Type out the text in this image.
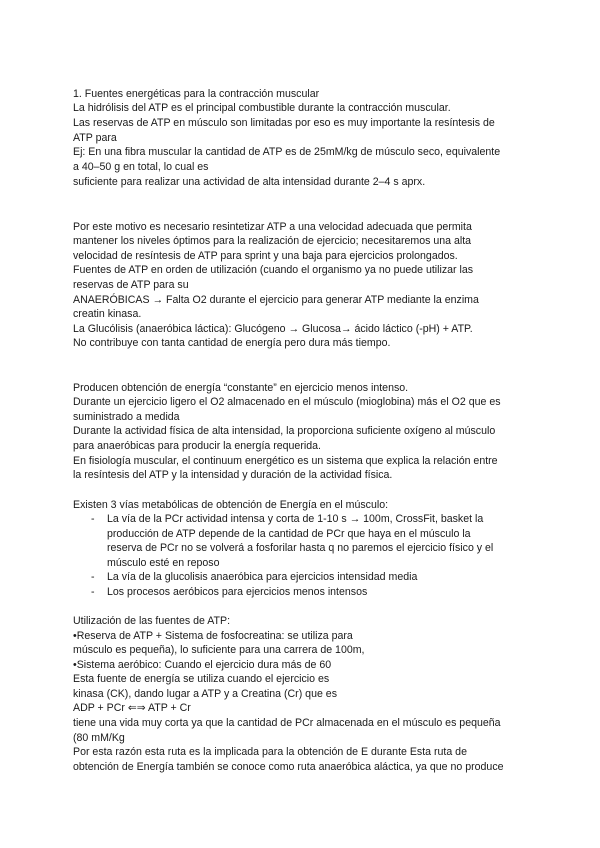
1. Fuentes energéticas para la contracción muscular
La hidrólisis del ATP es el principal combustible durante la contracción muscular.
Las reservas de ATP en músculo son limitadas por eso es muy importante la resíntesis de
ATP para
Ej: En una fibra muscular la cantidad de ATP es de 25mM/kg de músculo seco, equivalente
a 40–50 g en total, lo cual es
suficiente para realizar una actividad de alta intensidad durante 2–4 s aprx.
Por este motivo es necesario resintetizar ATP a una velocidad adecuada que permita
mantener los niveles óptimos para la realización de ejercicio; necesitaremos una alta
velocidad de resíntesis de ATP para sprint y una baja para ejercicios prolongados.
Fuentes de ATP en orden de utilización (cuando el organismo ya no puede utilizar las
reservas de ATP para su
ANAERÓBICAS → Falta O2 durante el ejercicio para generar ATP mediante la enzima
creatin kinasa.
La Glucólisis (anaeróbica láctica): Glucógeno → Glucosa→ ácido láctico (-pH) + ATP.
No contribuye con tanta cantidad de energía pero dura más tiempo.
Producen obtención de energía “constante” en ejercicio menos intenso.
Durante un ejercicio ligero el O2 almacenado en el músculo (mioglobina) más el O2 que es
suministrado a medida
Durante la actividad física de alta intensidad, la proporciona suficiente oxígeno al músculo
para anaeróbicas para producir la energía requerida.
En fisiología muscular, el continuum energético es un sistema que explica la relación entre
la resíntesis del ATP y la intensidad y duración de la actividad física.
Existen 3 vías metabólicas de obtención de Energía en el músculo:
- La vía de la PCr actividad intensa y corta de 1-10 s → 100m, CrossFit, basket la
producción de ATP depende de la cantidad de PCr que haya en el músculo la
reserva de PCr no se volverá a fosforilar hasta q no paremos el ejercicio físico y el
músculo esté en reposo
- La vía de la glucolisis anaeróbica para ejercicios intensidad media
- Los procesos aeróbicos para ejercicios menos intensos
Utilización de las fuentes de ATP:
•Reserva de ATP + Sistema de fosfocreatina: se utiliza para
músculo es pequeña), lo suficiente para una carrera de 100m,
•Sistema aeróbico: Cuando el ejercicio dura más de 60
Esta fuente de energía se utiliza cuando el ejercicio es
kinasa (CK), dando lugar a ATP y a Creatina (Cr) que es
ADP + PCr ⇐⇒ ATP + Cr
tiene una vida muy corta ya que la cantidad de PCr almacenada en el músculo es pequeña
(80 mM/Kg
Por esta razón esta ruta es la implicada para la obtención de E durante Esta ruta de
obtención de Energía también se conoce como ruta anaeróbica aláctica, ya que no produce
